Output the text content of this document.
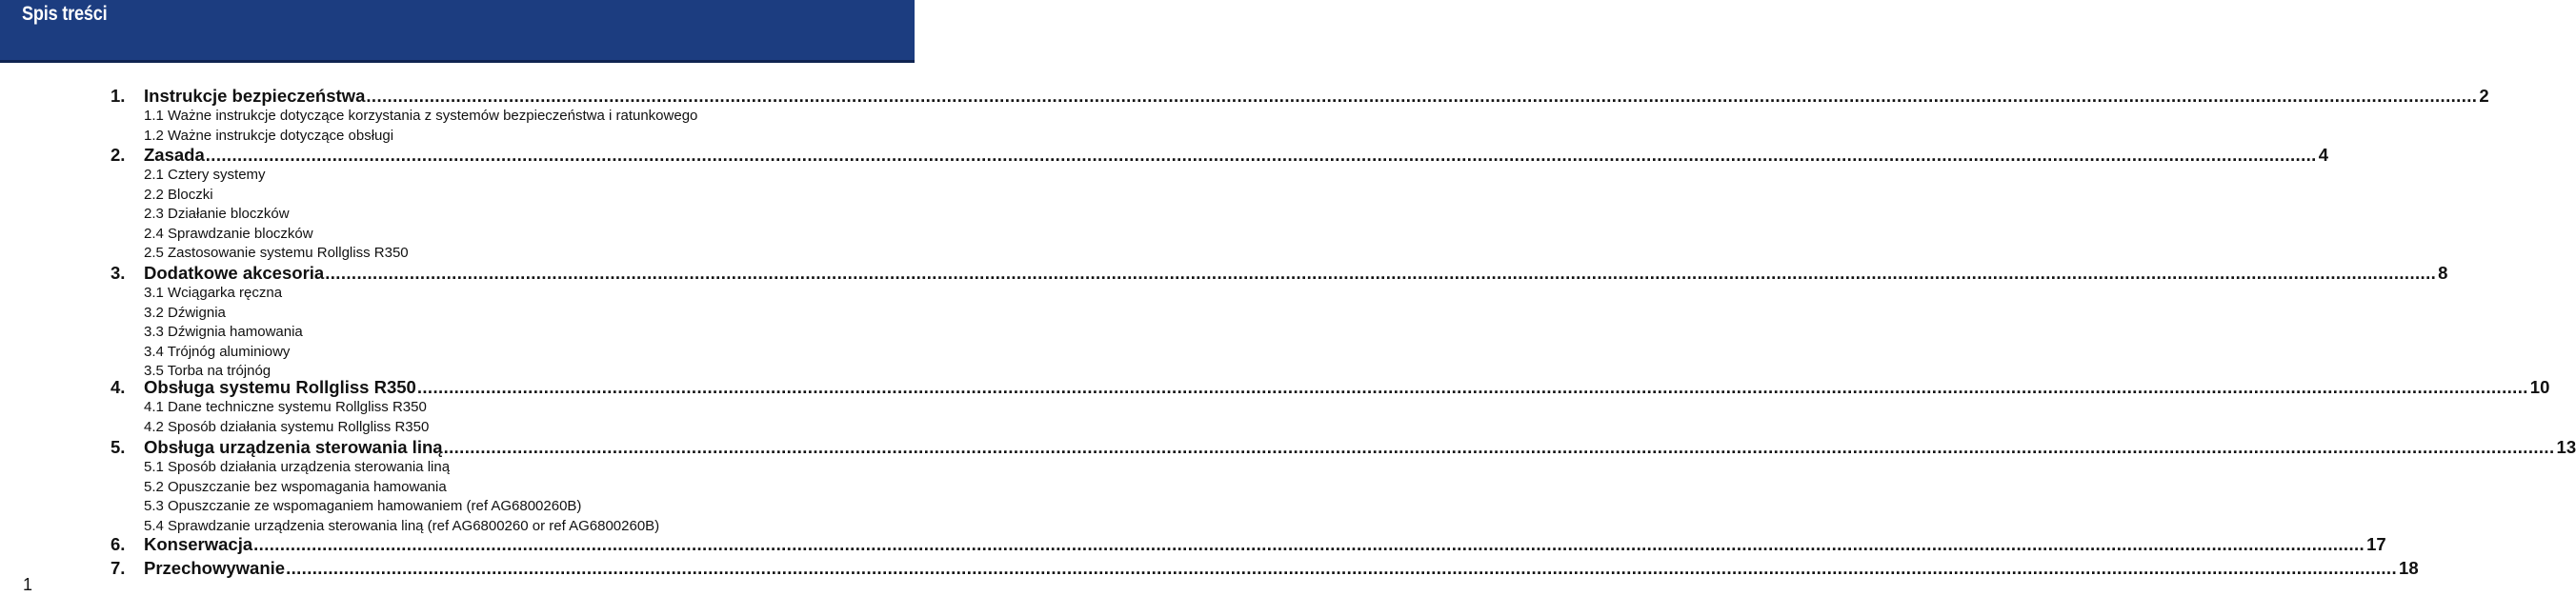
Spis treści
1.	Instrukcje bezpieczeństwa ................................................................................................................................................................................................................................................................................................................................................................................................................ 2
1.1 Ważne instrukcje dotyczące korzystania z systemów bezpieczeństwa i ratunkowego
1.2 Ważne instrukcje dotyczące obsługi
2.	Zasada ................................................................................................................................................................................................................................................................................................................................................................................................................ 4
2.1 Cztery systemy
2.2 Bloczki
2.3 Działanie bloczków
2.4 Sprawdzanie bloczków
2.5 Zastosowanie systemu Rollgliss R350
3.	Dodatkowe akcesoria ................................................................................................................................................................................................................................................................................................................................................................................................................ 8
3.1 Wciągarka ręczna
3.2 Dźwignia
3.3 Dźwignia hamowania
3.4 Trójnóg aluminiowy
3.5 Torba na trójnóg
4.	Obsługa systemu Rollgliss R350 ................................................................................................................................................................................................................................................................................................................................................................................................................ 10
4.1 Dane techniczne systemu Rollgliss R350
4.2 Sposób działania systemu Rollgliss R350
5.	Obsługa urządzenia sterowania liną ................................................................................................................................................................................................................................................................................................................................................................................................................ 13
5.1 Sposób działania urządzenia sterowania liną
5.2 Opuszczanie bez wspomagania hamowania
5.3 Opuszczanie ze wspomaganiem hamowaniem (ref AG6800260B)
5.4 Sprawdzanie urządzenia sterowania liną (ref AG6800260 or ref AG6800260B)
6.	Konserwacja ................................................................................................................................................................................................................................................................................................................................................................................................................ 17
7.	Przechowywanie ................................................................................................................................................................................................................................................................................................................................................................................................................ 18
1
